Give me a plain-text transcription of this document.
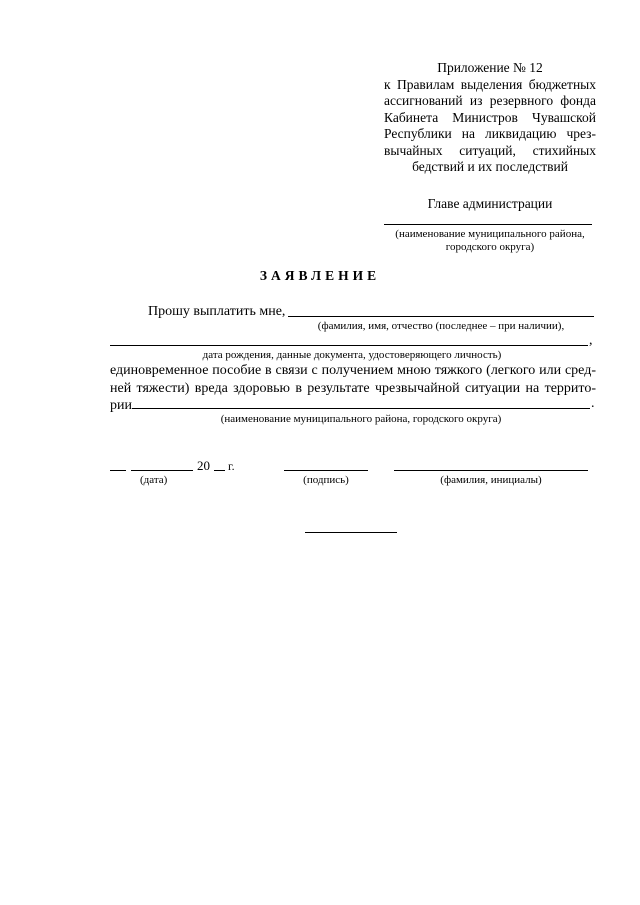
Приложение № 12
к Правилам выделения бюджетных
ассигнований из резервного фонда
Кабинета Министров Чувашской
Республики на ликвидацию чрез-
вычайных ситуаций, стихийных
бедствий и их последствий
Главе администрации
(наименование муниципального района,
городского округа)
ЗАЯВЛЕНИЕ
Прошу выплатить мне,
(фамилия, имя, отчество (последнее – при наличии),
,
дата рождения, данные документа, удостоверяющего личность)
единовременное пособие в связи с получением мною тяжкого (легкого или сред-
ней тяжести) вреда здоровью в результате чрезвычайной ситуации на террито-
рии	.
(наименование муниципального района, городского округа)
20 г.
(дата)	(подпись)	(фамилия, инициалы)
